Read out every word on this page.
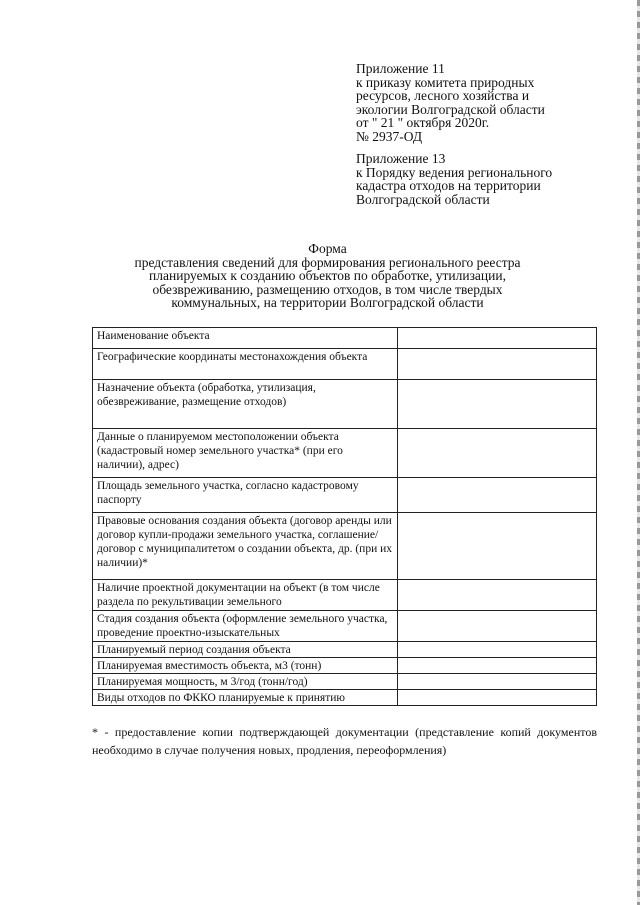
Приложение 11
к приказу комитета природных
ресурсов, лесного хозяйства и
экологии Волгоградской области
от " 21 " октября 2020г.
№ 2937-ОД
Приложение 13
к Порядку ведения регионального
кадастра отходов на территории
Волгоградской области
Форма
представления сведений для формирования регионального реестра
планируемых к созданию объектов по обработке, утилизации,
обезвреживанию, размещению отходов, в том числе твердых
коммунальных, на территории Волгоградской области
Наименование объекта	
Географические координаты местонахождения объекта	
Назначение объекта (обработка, утилизация, обезвреживание, размещение отходов)	
Данные о планируемом местоположении объекта (кадастровый номер земельного участка* (при его наличии), адрес)	
Площадь земельного участка, согласно кадастровому паспорту	
Правовые основания создания объекта (договор аренды или договор купли-продажи земельного участка, соглашение/ договор с муниципалитетом о создании объекта, др. (при их наличии)*	
Наличие проектной документации на объект (в том числе раздела по рекультивации земельного	
Стадия создания объекта (оформление земельного участка, проведение проектно-изыскательных	
Планируемый период создания объекта	
Планируемая вместимость объекта, м3 (тонн)	
Планируемая мощность, м 3/год (тонн/год)	
Виды отходов по ФККО планируемые к принятию	
* - предоставление копии подтверждающей документации (представление копий документов необходимо в случае получения новых, продления, переоформления)
